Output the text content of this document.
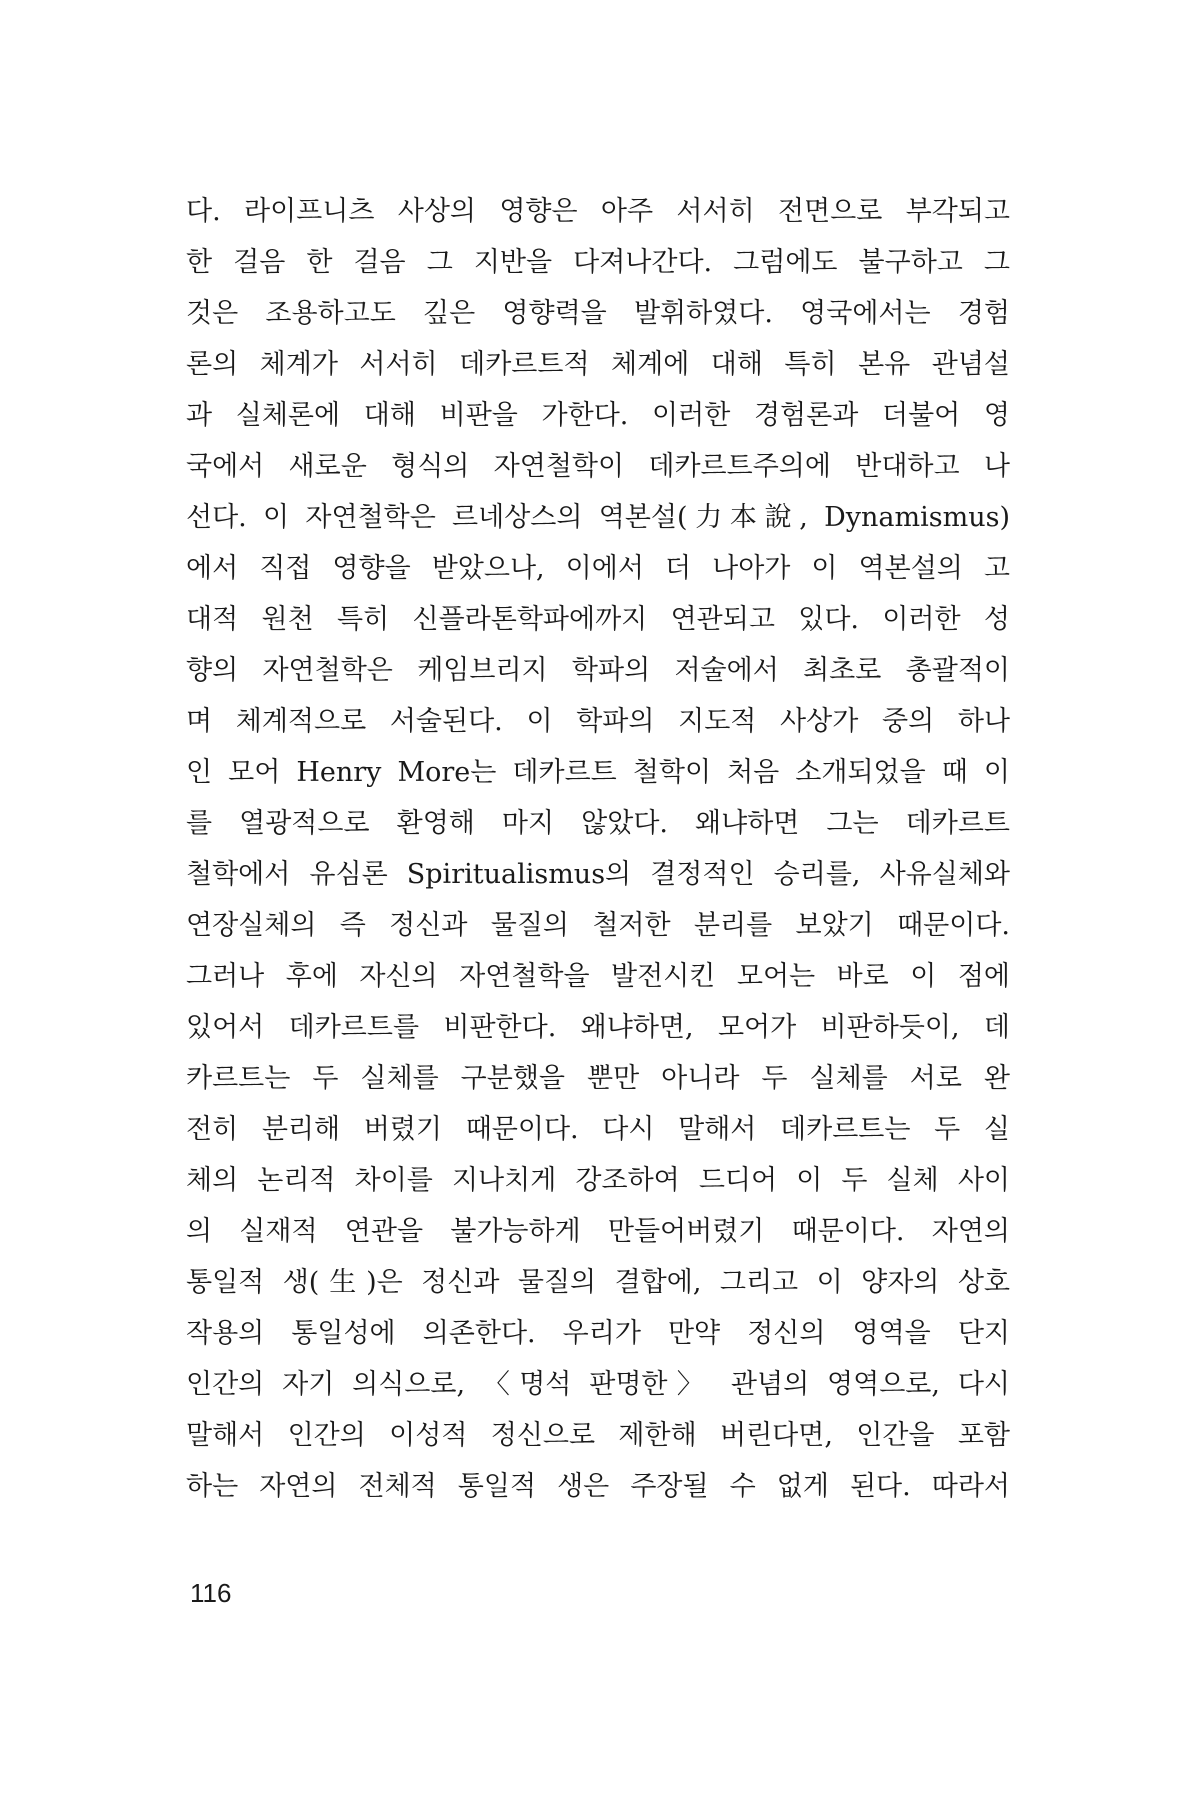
다. 라이프니츠 사상의 영향은 아주 서서히 전면으로 부각되고
한 걸음 한 걸음 그 지반을 다져나간다. 그럼에도 불구하고 그
것은 조용하고도 깊은 영향력을 발휘하였다. 영국에서는 경험
론의 체계가 서서히 데카르트적 체계에 대해 특히 본유 관념설
과 실체론에 대해 비판을 가한다. 이러한 경험론과 더불어 영
국에서 새로운 형식의 자연철학이 데카르트주의에 반대하고 나
선다. 이 자연철학은 르네상스의 역본설(力本說, Dynamismus)
에서 직접 영향을 받았으나, 이에서 더 나아가 이 역본설의 고
대적 원천 특히 신플라톤학파에까지 연관되고 있다. 이러한 성
향의 자연철학은 케임브리지 학파의 저술에서 최초로 총괄적이
며 체계적으로 서술된다. 이 학파의 지도적 사상가 중의 하나
인 모어 Henry More는 데카르트 철학이 처음 소개되었을 때 이
를 열광적으로 환영해 마지 않았다. 왜냐하면 그는 데카르트
철학에서 유심론 Spiritualismus의 결정적인 승리를, 사유실체와
연장실체의 즉 정신과 물질의 철저한 분리를 보았기 때문이다.
그러나 후에 자신의 자연철학을 발전시킨 모어는 바로 이 점에
있어서 데카르트를 비판한다. 왜냐하면, 모어가 비판하듯이, 데
카르트는 두 실체를 구분했을 뿐만 아니라 두 실체를 서로 완
전히 분리해 버렸기 때문이다. 다시 말해서 데카르트는 두 실
체의 논리적 차이를 지나치게 강조하여 드디어 이 두 실체 사이
의 실재적 연관을 불가능하게 만들어버렸기 때문이다. 자연의
통일적 생(生)은 정신과 물질의 결합에, 그리고 이 양자의 상호
작용의 통일성에 의존한다. 우리가 만약 정신의 영역을 단지
인간의 자기 의식으로, 〈명석 판명한〉 관념의 영역으로, 다시
말해서 인간의 이성적 정신으로 제한해 버린다면, 인간을 포함
하는 자연의 전체적 통일적 생은 주장될 수 없게 된다. 따라서
116
